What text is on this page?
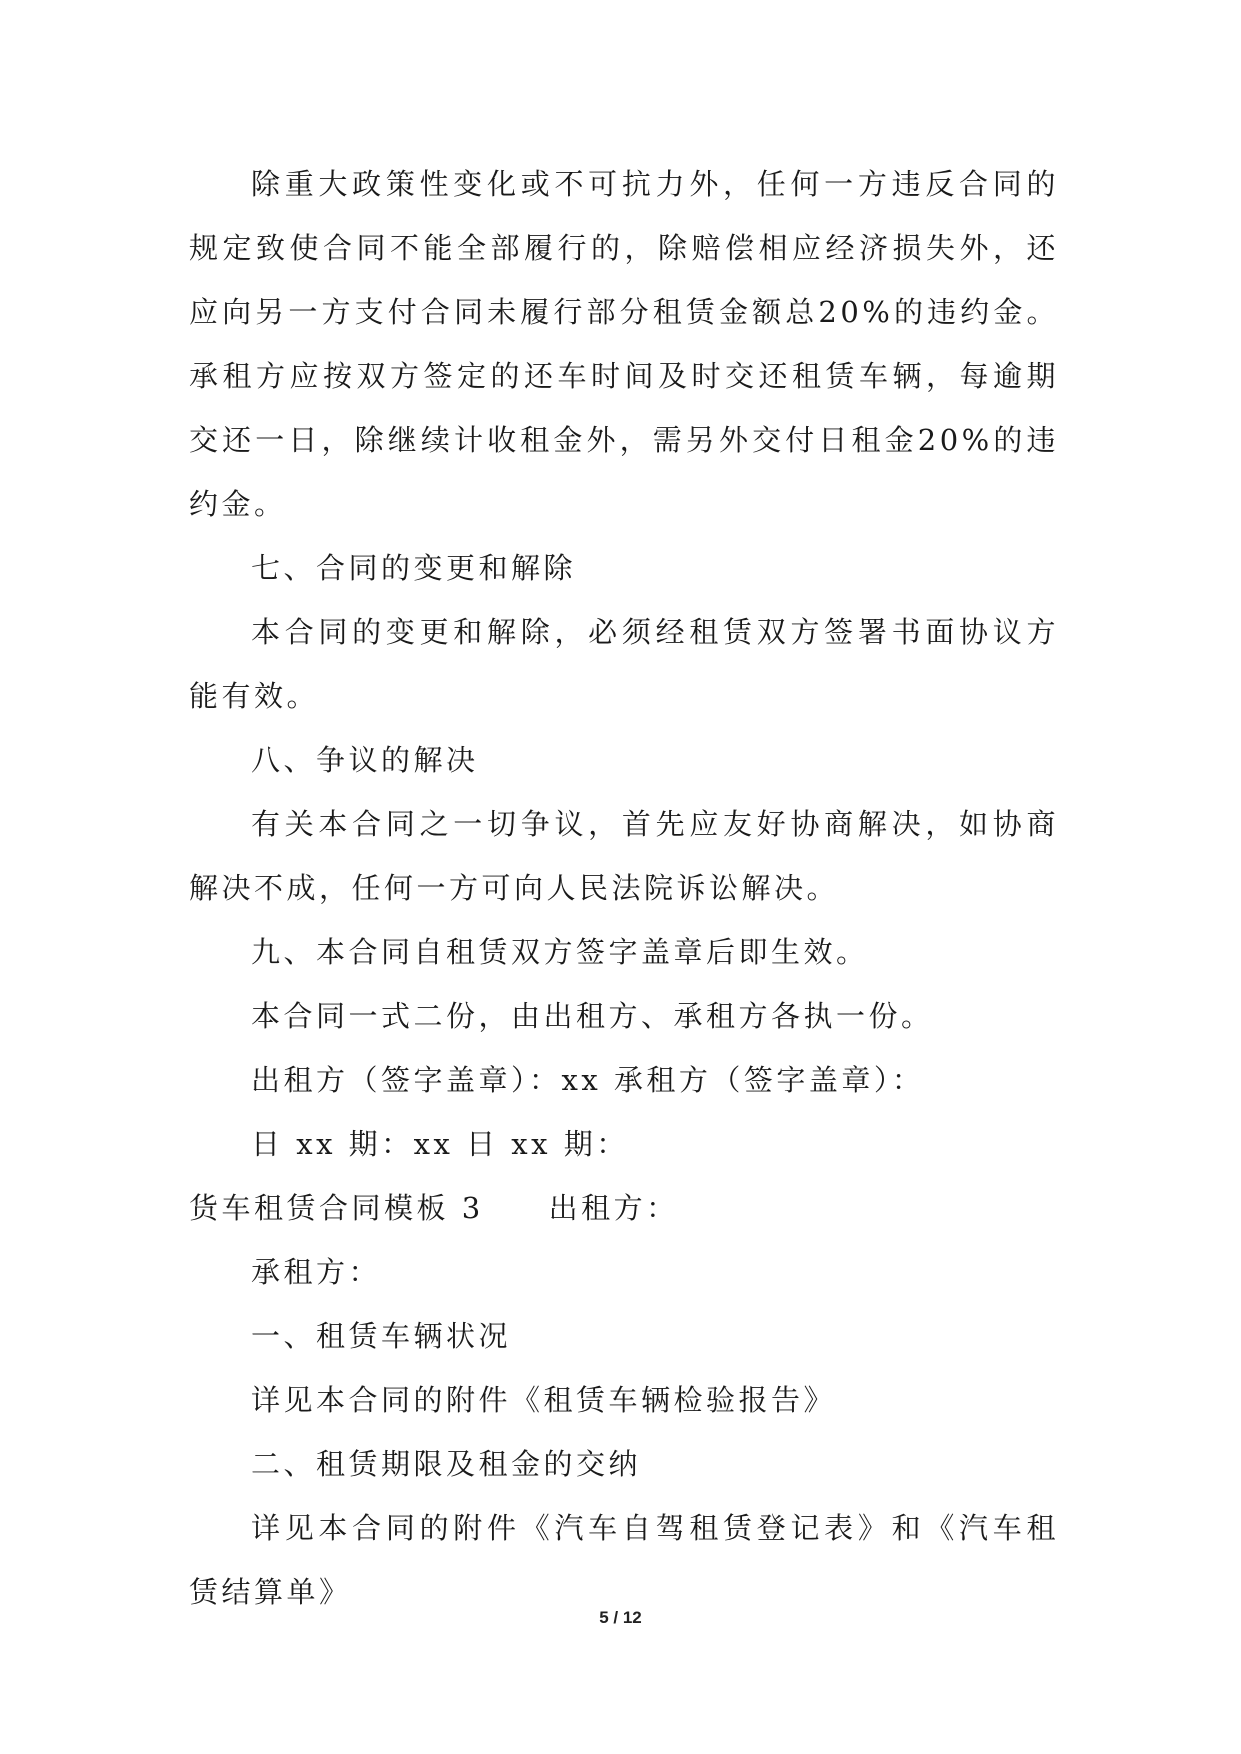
除重大政策性变化或不可抗力外，任何一方违反合同的规定致使合同不能全部履行的，除赔偿相应经济损失外，还应向另一方支付合同未履行部分租赁金额总20%的违约金。承租方应按双方签定的还车时间及时交还租赁车辆，每逾期交还一日，除继续计收租金外，需另外交付日租金20%的违约金。

七、合同的变更和解除

本合同的变更和解除，必须经租赁双方签署书面协议方能有效。

八、争议的解决

有关本合同之一切争议，首先应友好协商解决，如协商解决不成，任何一方可向人民法院诉讼解决。

九、本合同自租赁双方签字盖章后即生效。

本合同一式二份，由出租方、承租方各执一份。

出租方（签字盖章）：xx 承租方（签字盖章）：

日 xx 期：xx 日 xx 期：

货车租赁合同模板 3　　出租方：

承租方：

一、租赁车辆状况

详见本合同的附件《租赁车辆检验报告》

二、租赁期限及租金的交纳

详见本合同的附件《汽车自驾租赁登记表》和《汽车租赁结算单》

5 / 12
